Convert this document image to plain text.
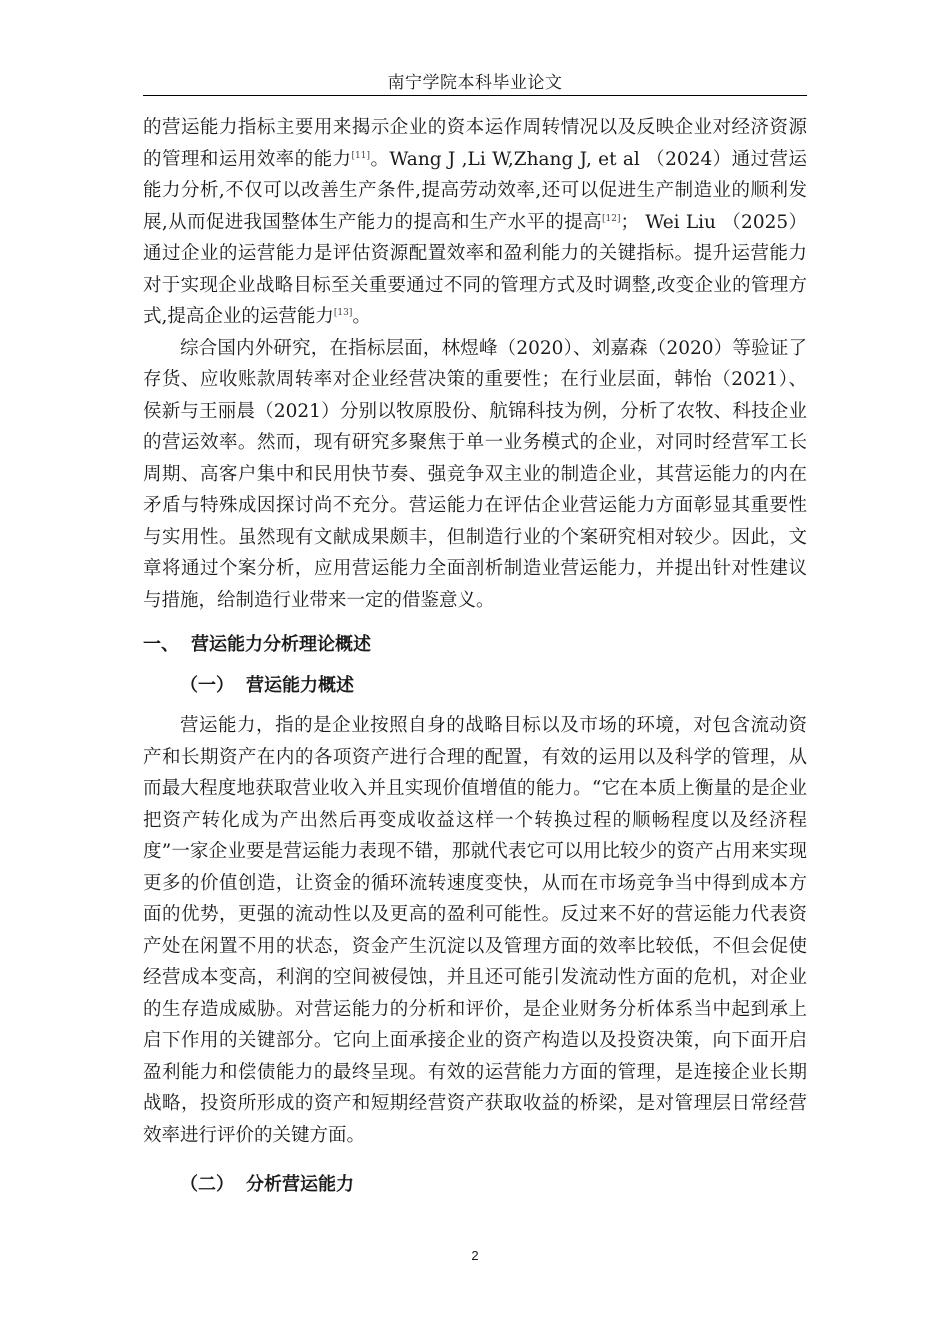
南宁学院本科毕业论文

的营运能力指标主要用来揭示企业的资本运作周转情况以及反映企业对经济资源的管理和运用效率的能力[11]。Wang J ,Li W,Zhang J, et al （2024）通过营运能力分析,不仅可以改善生产条件,提高劳动效率,还可以促进生产制造业的顺利发展,从而促进我国整体生产能力的提高和生产水平的提高[12]； Wei Liu （2025）通过企业的运营能力是评估资源配置效率和盈利能力的关键指标。提升运营能力对于实现企业战略目标至关重要通过不同的管理方式及时调整,改变企业的管理方式,提高企业的运营能力[13]。

综合国内外研究，在指标层面，林煜峰（2020）、刘嘉森（2020）等验证了存货、应收账款周转率对企业经营决策的重要性；在行业层面，韩怡（2021）、侯新与王丽晨（2021）分别以牧原股份、航锦科技为例，分析了农牧、科技企业的营运效率。然而，现有研究多聚焦于单一业务模式的企业，对同时经营军工长周期、高客户集中和民用快节奏、强竞争双主业的制造企业，其营运能力的内在矛盾与特殊成因探讨尚不充分。营运能力在评估企业营运能力方面彰显其重要性与实用性。虽然现有文献成果颇丰，但制造行业的个案研究相对较少。因此，文章将通过个案分析，应用营运能力全面剖析制造业营运能力，并提出针对性建议与措施，给制造行业带来一定的借鉴意义。

一、 营运能力分析理论概述
（一） 营运能力概述

营运能力，指的是企业按照自身的战略目标以及市场的环境，对包含流动资产和长期资产在内的各项资产进行合理的配置，有效的运用以及科学的管理，从而最大程度地获取营业收入并且实现价值增值的能力。“它在本质上衡量的是企业把资产转化成为产出然后再变成收益这样一个转换过程的顺畅程度以及经济程度”一家企业要是营运能力表现不错，那就代表它可以用比较少的资产占用来实现更多的价值创造，让资金的循环流转速度变快，从而在市场竞争当中得到成本方面的优势，更强的流动性以及更高的盈利可能性。反过来不好的营运能力代表资产处在闲置不用的状态，资金产生沉淀以及管理方面的效率比较低，不但会促使经营成本变高，利润的空间被侵蚀，并且还可能引发流动性方面的危机，对企业的生存造成威胁。对营运能力的分析和评价，是企业财务分析体系当中起到承上启下作用的关键部分。它向上面承接企业的资产构造以及投资决策，向下面开启盈利能力和偿债能力的最终呈现。有效的运营能力方面的管理，是连接企业长期战略，投资所形成的资产和短期经营资产获取收益的桥梁，是对管理层日常经营效率进行评价的关键方面。

（二） 分析营运能力
2
